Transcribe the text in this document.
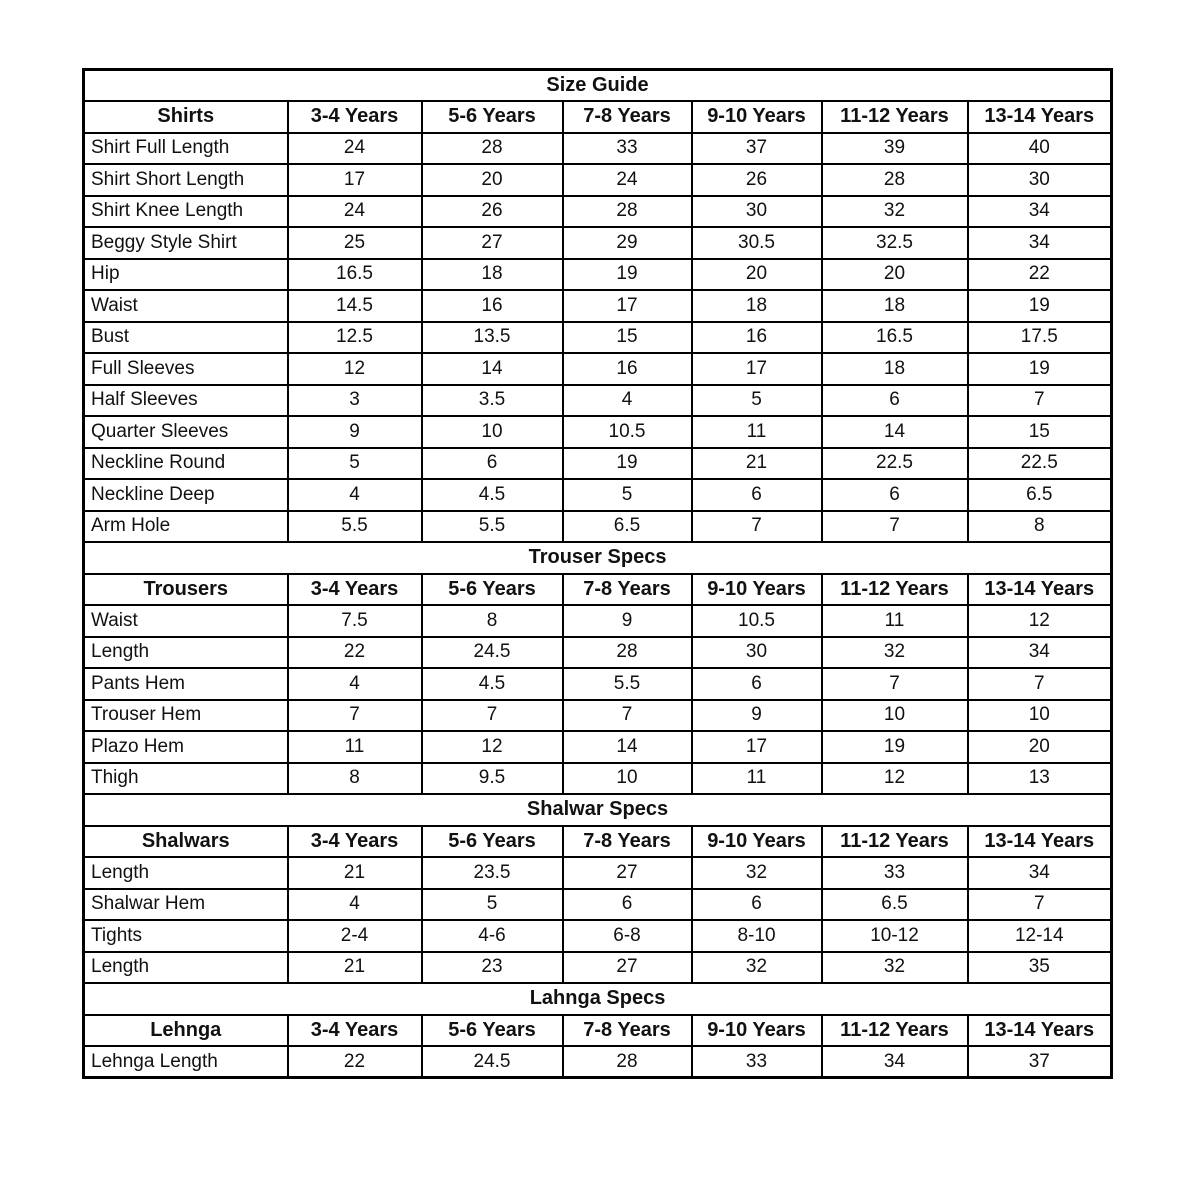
Size Guide						
Shirts	3-4 Years	5-6 Years	7-8 Years	9-10 Years	11-12 Years	13-14 Years
Shirt Full Length	24	28	33	37	39	40
Shirt Short Length	17	20	24	26	28	30
Shirt Knee Length	24	26	28	30	32	34
Beggy Style Shirt	25	27	29	30.5	32.5	34
Hip	16.5	18	19	20	20	22
Waist	14.5	16	17	18	18	19
Bust	12.5	13.5	15	16	16.5	17.5
Full Sleeves	12	14	16	17	18	19
Half Sleeves	3	3.5	4	5	6	7
Quarter Sleeves	9	10	10.5	11	14	15
Neckline Round	5	6	19	21	22.5	22.5
Neckline Deep	4	4.5	5	6	6	6.5
Arm Hole	5.5	5.5	6.5	7	7	8
Trouser Specs						
Trousers	3-4 Years	5-6 Years	7-8 Years	9-10 Years	11-12 Years	13-14 Years
Waist	7.5	8	9	10.5	11	12
Length	22	24.5	28	30	32	34
Pants Hem	4	4.5	5.5	6	7	7
Trouser Hem	7	7	7	9	10	10
Plazo Hem	11	12	14	17	19	20
Thigh	8	9.5	10	11	12	13
Shalwar Specs						
Shalwars	3-4 Years	5-6 Years	7-8 Years	9-10 Years	11-12 Years	13-14 Years
Length	21	23.5	27	32	33	34
Shalwar Hem	4	5	6	6	6.5	7
Tights	2-4	4-6	6-8	8-10	10-12	12-14
Length	21	23	27	32	32	35
Lahnga Specs						
Lehnga	3-4 Years	5-6 Years	7-8 Years	9-10 Years	11-12 Years	13-14 Years
Lehnga Length	22	24.5	28	33	34	37
